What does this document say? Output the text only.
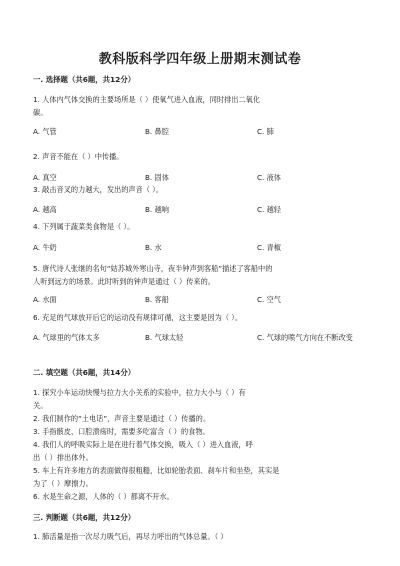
教科版科学四年级上册期末测试卷
一. 选择题（共6题，共12分）
1. 人体内气体交换的主要场所是（ ）使氧气进入血液，同时排出二氧化
碳。
A. 气管	B. 鼻腔	C. 肺
2. 声音不能在（ ）中传播。
A. 真空	B. 固体	C. 液体
3. 敲击音叉的力越大，发出的声音（ ）。
A. 越高	B. 越响	C. 越轻
4. 下列属于蔬菜类食物是（ ）。
A. 牛奶	B. 水	C. 青椒
5. 唐代诗人张继的名句“姑苏城外寒山寺，夜半钟声到客船”描述了客船中的
人听到远方的场景。此时听到的钟声是通过（ ）传来的。
A. 水面	B. 客船	C. 空气
6. 充足的气球放开后它的运动没有规律可循，这主要是因为（ ）。
A. 气球里的气体太多	B. 气球太轻	C. 气球的喷气方向在不断改变
二. 填空题（共6题，共14分）
1. 探究小车运动快慢与拉力大小关系的实验中，拉力大小与（ ）有
关。
2. 我们制作的“土电话”，声音主要是通过（ ）传播的。
3. 手指骸皮、口腔溃疡时，需要多吃富含（ ）的食物。
4. 我们人的呼吸实际上是在进行着气体交换，吸入（ ）进入血液，呼
出（ ）排出体外。
5. 车上有许多地方的表面做得很粗糙，比如轮胎表面、刹车片和坐垫，其实是
为了（ ）摩擦力。
6. 水是生命之源，人体的（ ）都离不开水。
三. 判断题（共6题，共12分）
1. 肺活量是指一次尽力吸气后，再尽力呼出的气体总量。（ ）
